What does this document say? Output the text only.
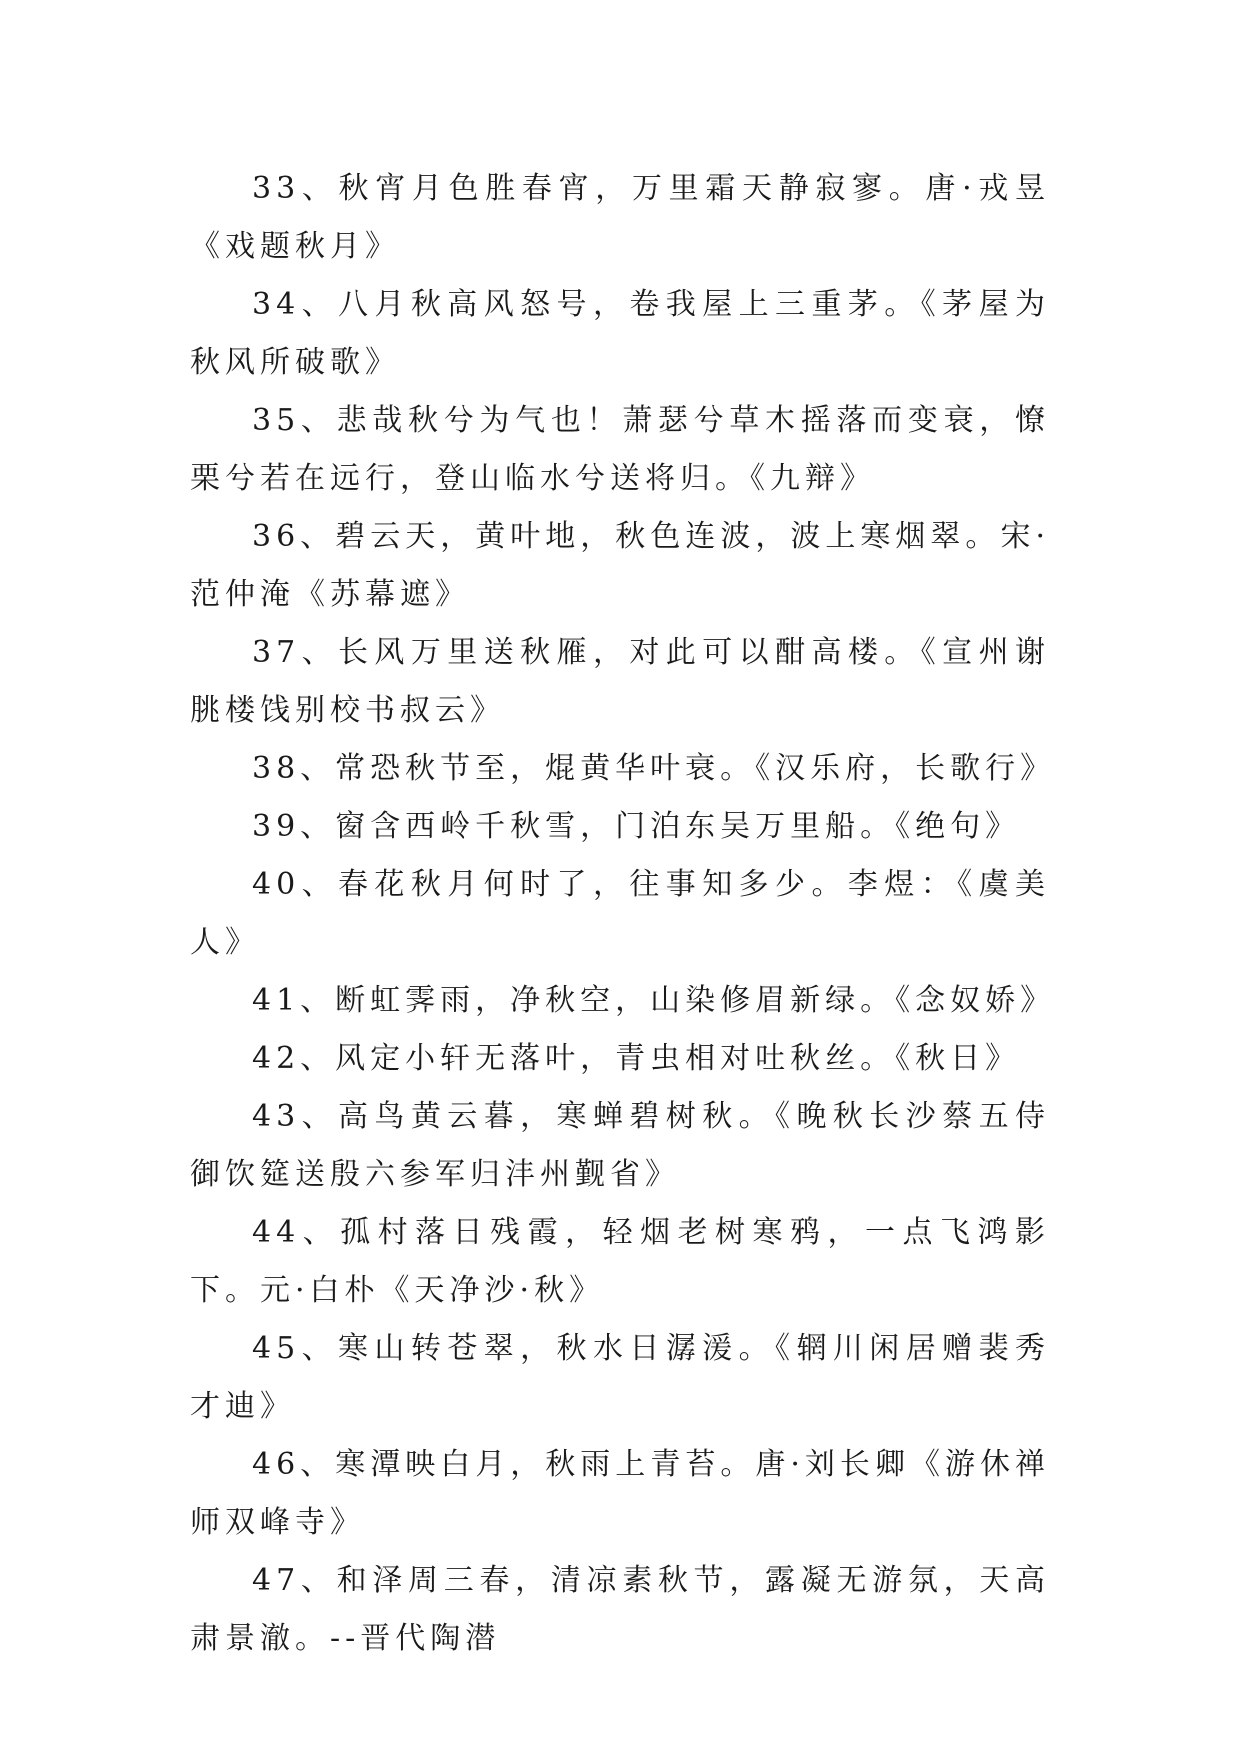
33、秋宵月色胜春宵，万里霜天静寂寥。唐·戎昱《戏题秋月》

34、八月秋高风怒号，卷我屋上三重茅。《茅屋为秋风所破歌》

35、悲哉秋兮为气也！萧瑟兮草木摇落而变衰，憭栗兮若在远行，登山临水兮送将归。《九辩》

36、碧云天，黄叶地，秋色连波，波上寒烟翠。宋·范仲淹《苏幕遮》

37、长风万里送秋雁，对此可以酣高楼。《宣州谢朓楼饯别校书叔云》

38、常恐秋节至，焜黄华叶衰。《汉乐府，长歌行》

39、窗含西岭千秋雪，门泊东吴万里船。《绝句》

40、春花秋月何时了，往事知多少。李煜：《虞美人》

41、断虹霁雨，净秋空，山染修眉新绿。《念奴娇》

42、风定小轩无落叶，青虫相对吐秋丝。《秋日》

43、高鸟黄云暮，寒蝉碧树秋。《晚秋长沙蔡五侍御饮筵送殷六参军归沣州觐省》

44、孤村落日残霞，轻烟老树寒鸦，一点飞鸿影下。元·白朴《天净沙·秋》

45、寒山转苍翠，秋水日潺湲。《辋川闲居赠裴秀才迪》

46、寒潭映白月，秋雨上青苔。唐·刘长卿《游休禅师双峰寺》

47、和泽周三春，清凉素秋节，露凝无游氛，天高肃景澈。--晋代陶潜
